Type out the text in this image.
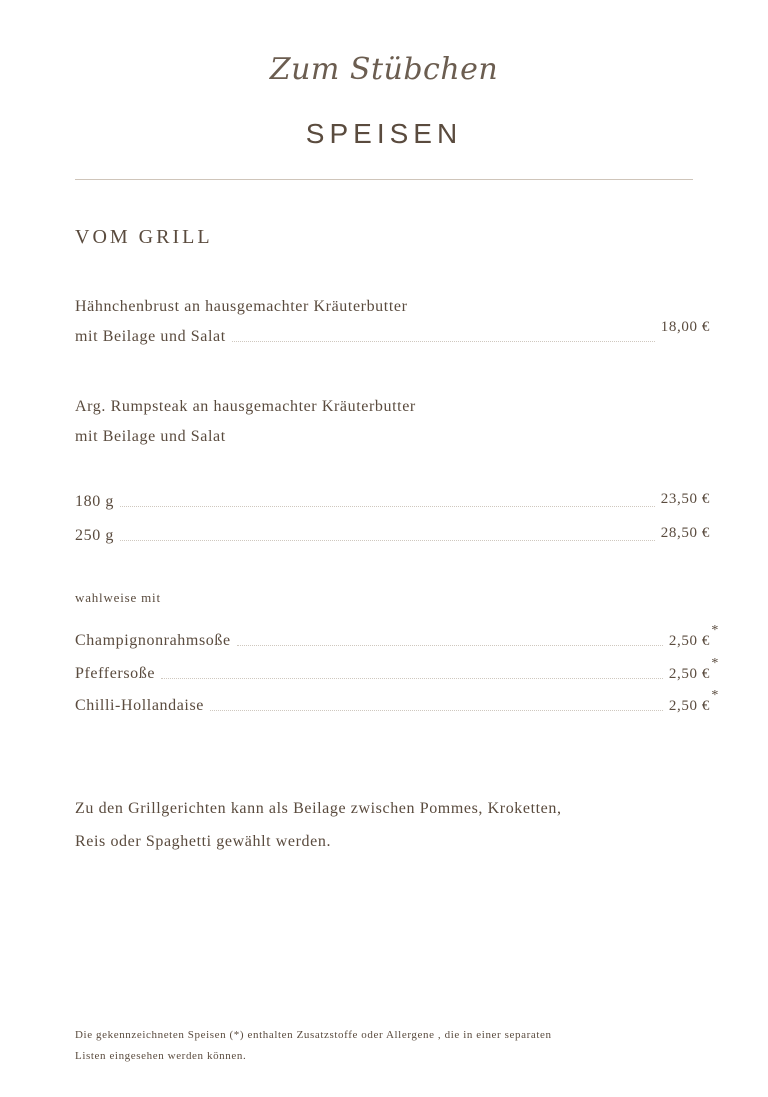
Zum Stübchen
SPEISEN
VOM GRILL
Hähnchenbrust an hausgemachter Kräuterbutter
mit Beilage und Salat
18,00 €
Arg. Rumpsteak an hausgemachter Kräuterbutter
mit Beilage und Salat
180 g	23,50 €
250 g	28,50 €
wahlweise mit
Champignonrahmsoße	2,50 €
*
Pfeffersoße	2,50 €
*
Chilli-Hollandaise	2,50 €
*
Zu den Grillgerichten kann als Beilage zwischen Pommes, Kroketten,
Reis oder Spaghetti gewählt werden.
Die gekennzeichneten Speisen (*) enthalten Zusatzstoffe oder Allergene , die in einer separaten
Listen eingesehen werden können.
